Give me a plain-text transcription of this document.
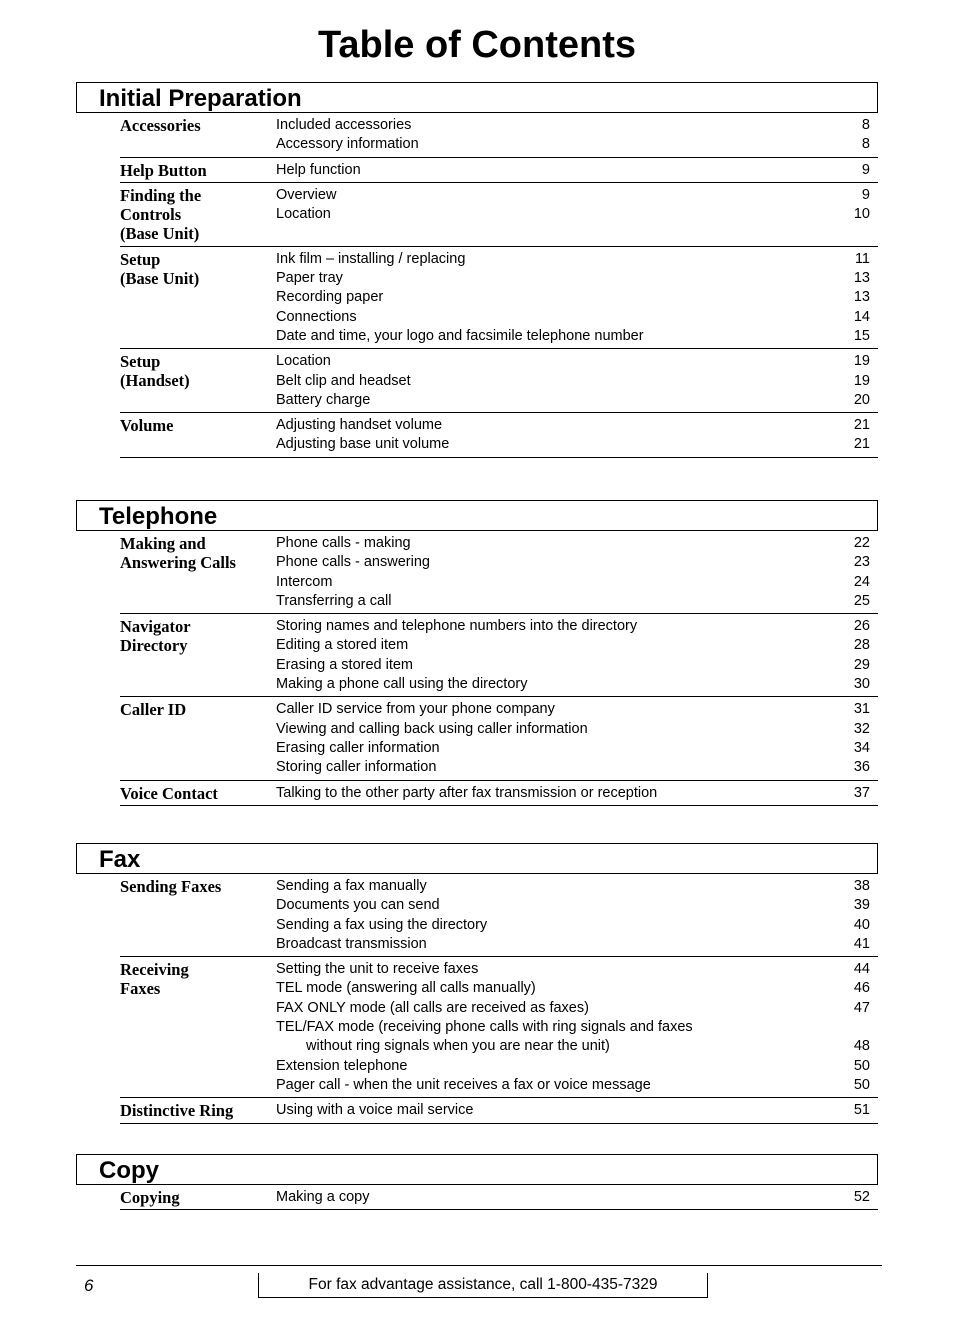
Table of Contents
Initial Preparation
Accessories	Included accessories	8
Accessory information	8
Help Button	Help function	9
Finding the
Controls
(Base Unit)
Overview	9
Location	10
Setup
(Base Unit)
Ink film – installing / replacing	11
Paper tray	13
Recording paper	13
Connections	14
Date and time, your logo and facsimile telephone number	15
Setup
(Handset)
Location	19
Belt clip and headset	19
Battery charge	20
Volume	Adjusting handset volume	21
Adjusting base unit volume	21
Telephone
Making and
Answering Calls
Phone calls - making	22
Phone calls - answering	23
Intercom	24
Transferring a call	25
Navigator
Directory
Storing names and telephone numbers into the directory	26
Editing a stored item	28
Erasing a stored item	29
Making a phone call using the directory	30
Caller ID	Caller ID service from your phone company	31
Viewing and calling back using caller information	32
Erasing caller information	34
Storing caller information	36
Voice Contact	Talking to the other party after fax transmission or reception	37
Fax
Sending Faxes	Sending a fax manually	38
Documents you can send	39
Sending a fax using the directory	40
Broadcast transmission	41
Receiving
Faxes
Setting the unit to receive faxes	44
TEL mode (answering all calls manually)	46
FAX ONLY mode (all calls are received as faxes)	47
TEL/FAX mode (receiving phone calls with ring signals and faxes
without ring signals when you are near the unit)	48
Extension telephone	50
Pager call - when the unit receives a fax or voice message	50
Distinctive Ring	Using with a voice mail service	51
Copy
Copying	Making a copy	52
6	For fax advantage assistance, call 1-800-435-7329
